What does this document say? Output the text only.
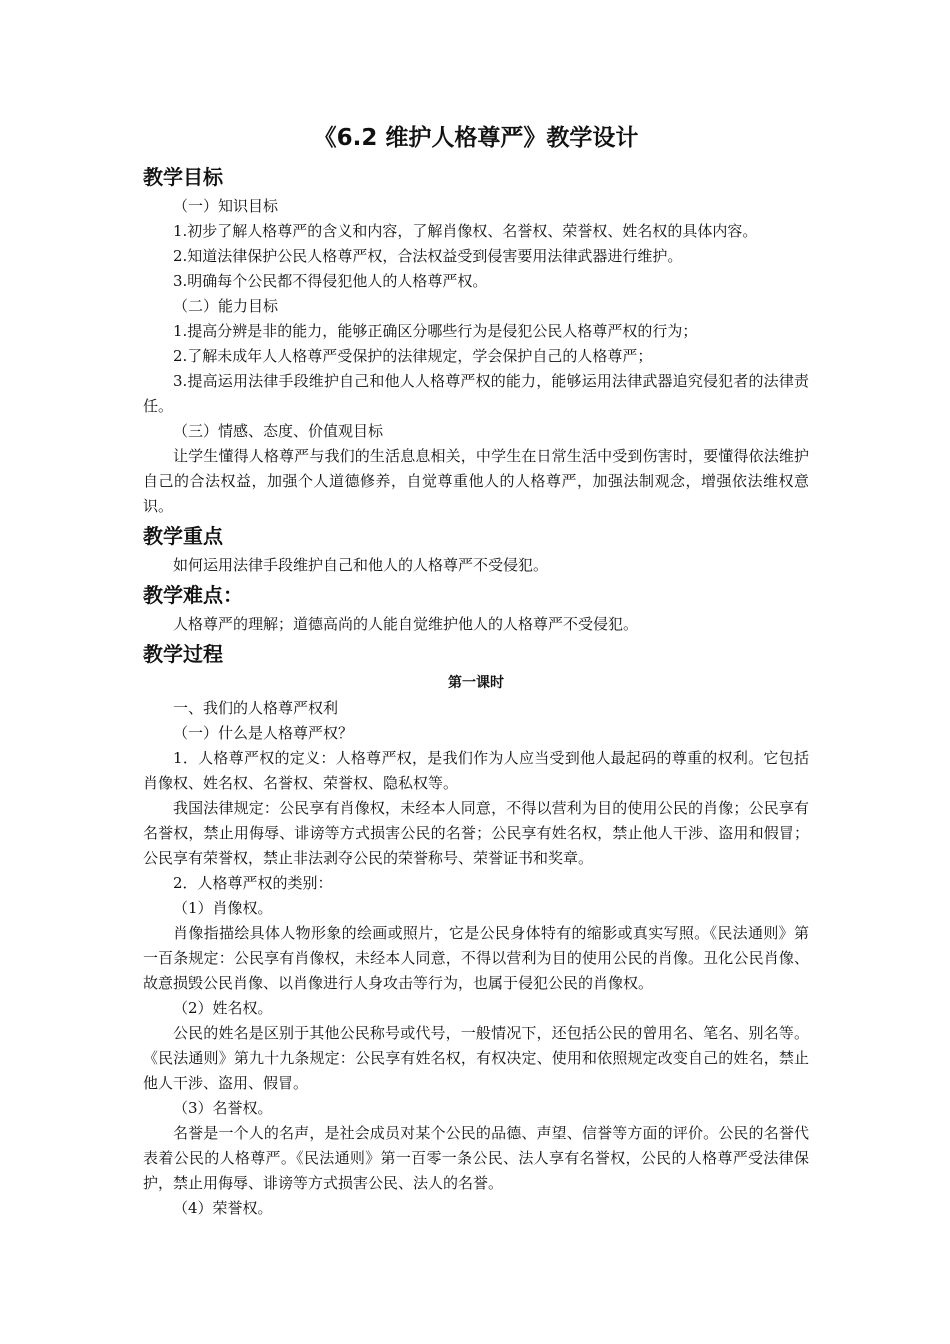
《6.2 维护人格尊严》教学设计
教学目标

（一）知识目标

1.初步了解人格尊严的含义和内容，了解肖像权、名誉权、荣誉权、姓名权的具体内容。

2.知道法律保护公民人格尊严权，合法权益受到侵害要用法律武器进行维护。

3.明确每个公民都不得侵犯他人的人格尊严权。

（二）能力目标

1.提高分辨是非的能力，能够正确区分哪些行为是侵犯公民人格尊严权的行为；

2.了解未成年人人格尊严受保护的法律规定，学会保护自己的人格尊严；

3.提高运用法律手段维护自己和他人人格尊严权的能力，能够运用法律武器追究侵犯者的法律责任。

（三）情感、态度、价值观目标

让学生懂得人格尊严与我们的生活息息相关，中学生在日常生活中受到伤害时，要懂得依法维护自己的合法权益，加强个人道德修养，自觉尊重他人的人格尊严，加强法制观念，增强依法维权意识。

教学重点

如何运用法律手段维护自己和他人的人格尊严不受侵犯。

教学难点：

人格尊严的理解；道德高尚的人能自觉维护他人的人格尊严不受侵犯。

教学过程
第一课时

一、我们的人格尊严权利

（一）什么是人格尊严权？

1．人格尊严权的定义：人格尊严权，是我们作为人应当受到他人最起码的尊重的权利。它包括肖像权、姓名权、名誉权、荣誉权、隐私权等。

我国法律规定：公民享有肖像权，未经本人同意，不得以营利为目的使用公民的肖像；公民享有名誉权，禁止用侮辱、诽谤等方式损害公民的名誉；公民享有姓名权，禁止他人干涉、盗用和假冒；公民享有荣誉权，禁止非法剥夺公民的荣誉称号、荣誉证书和奖章。

2．人格尊严权的类别：

（1）肖像权。

肖像指描绘具体人物形象的绘画或照片，它是公民身体特有的缩影或真实写照。《民法通则》第一百条规定：公民享有肖像权，未经本人同意，不得以营利为目的使用公民的肖像。丑化公民肖像、故意损毁公民肖像、以肖像进行人身攻击等行为，也属于侵犯公民的肖像权。

（2）姓名权。

公民的姓名是区别于其他公民称号或代号，一般情况下，还包括公民的曾用名、笔名、别名等。《民法通则》第九十九条规定：公民享有姓名权，有权决定、使用和依照规定改变自己的姓名，禁止他人干涉、盗用、假冒。

（3）名誉权。

名誉是一个人的名声，是社会成员对某个公民的品德、声望、信誉等方面的评价。公民的名誉代表着公民的人格尊严。《民法通则》第一百零一条公民、法人享有名誉权，公民的人格尊严受法律保护，禁止用侮辱、诽谤等方式损害公民、法人的名誉。

（4）荣誉权。
